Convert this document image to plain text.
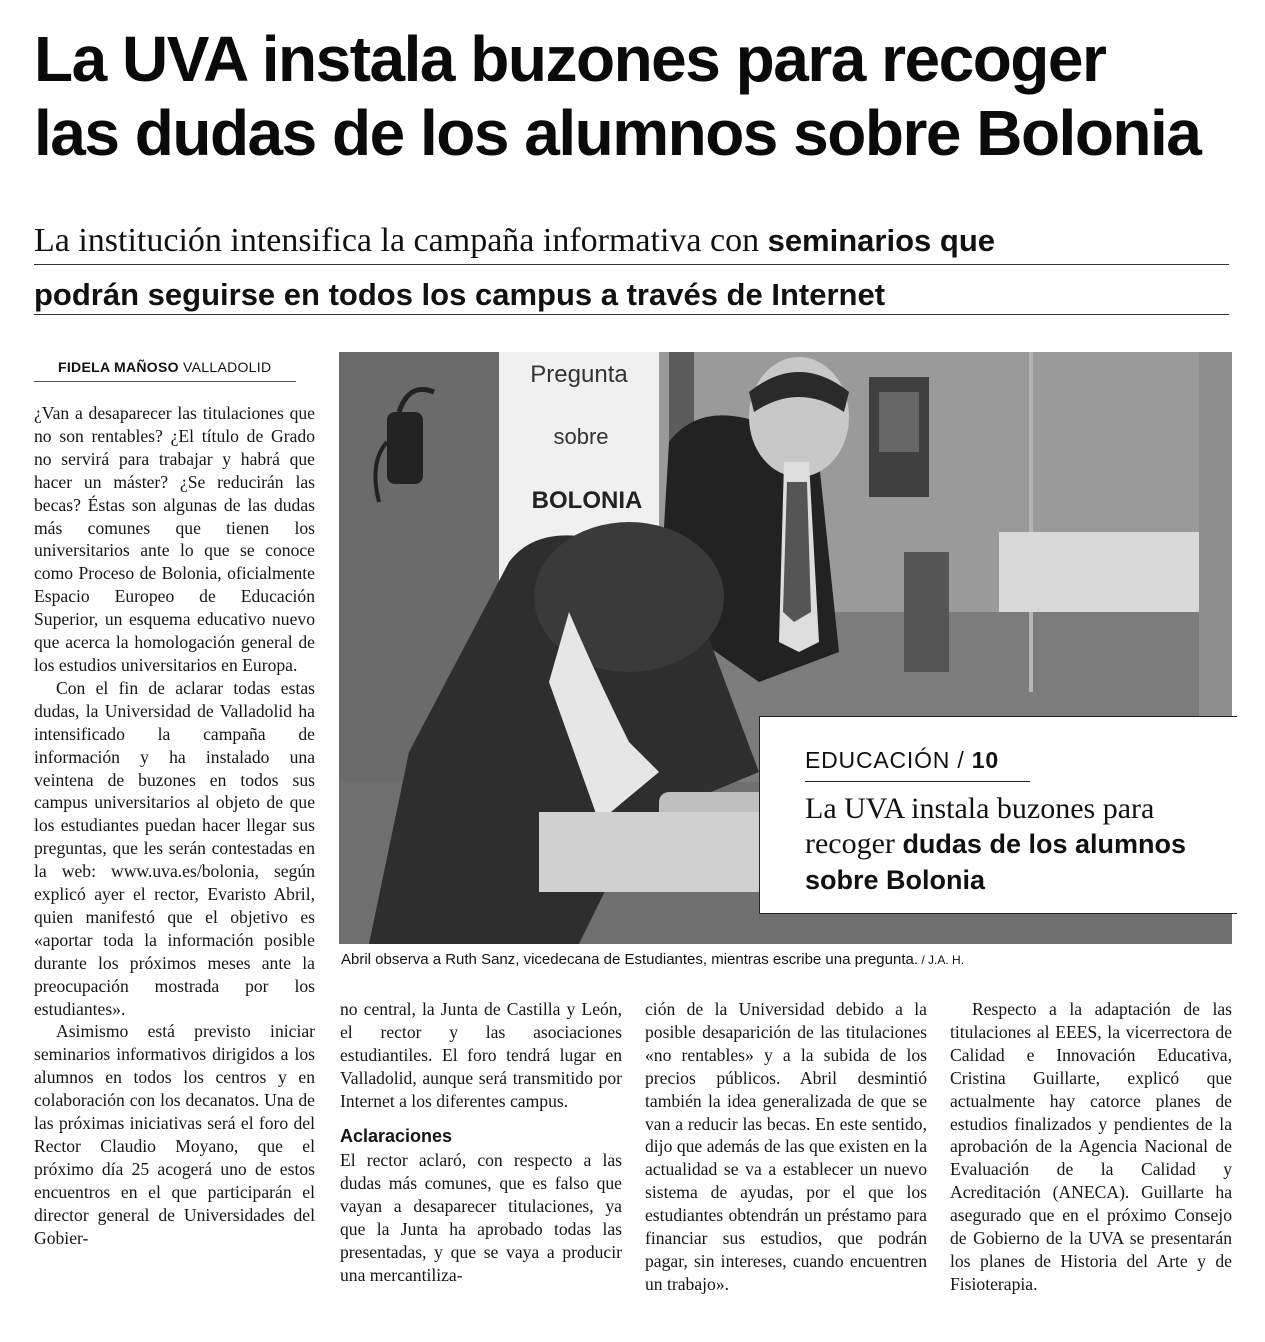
La UVA instala buzones para recoger
las dudas de los alumnos sobre Bolonia
La institución intensifica la campaña informativa con seminarios que
podrán seguirse en todos los campus a través de Internet
FIDELA MAÑOSO VALLADOLID

¿Van a desaparecer las titulaciones que no son rentables? ¿El título de Grado no servirá para trabajar y habrá que hacer un máster? ¿Se reducirán las becas? Éstas son algunas de las dudas más comunes que tienen los universitarios ante lo que se conoce como Proceso de Bolonia, oficialmente Espacio Europeo de Educación Superior, un esquema educativo nuevo que acerca la homologación general de los estudios universitarios en Europa.

Con el fin de aclarar todas estas dudas, la Universidad de Valladolid ha intensificado la campaña de información y ha instalado una veintena de buzones en todos sus campus universitarios al objeto de que los estudiantes puedan hacer llegar sus preguntas, que les serán contestadas en la web: www.uva.es/bolonia, según explicó ayer el rector, Evaristo Abril, quien manifestó que el objetivo es «aportar toda la información posible durante los próximos meses ante la preocupación mostrada por los estudiantes».

Asimismo está previsto iniciar seminarios informativos dirigidos a los alumnos en todos los centros y en colaboración con los decanatos. Una de las próximas iniciativas será el foro del Rector Claudio Moyano, que el próximo día 25 acogerá uno de estos encuentros en el que participarán el director general de Universidades del Gobier-

Pregunta
sobre
BOLONIA
EDUCACIÓN / 10
La UVA instala buzones para recoger dudas de los alumnos sobre Bolonia
Abril observa a Ruth Sanz, vicedecana de Estudiantes, mientras escribe una pregunta. / J.A. H.

no central, la Junta de Castilla y León, el rector y las asociaciones estudiantiles. El foro tendrá lugar en Valladolid, aunque será transmitido por Internet a los diferentes campus.

Aclaraciones

El rector aclaró, con respecto a las dudas más comunes, que es falso que vayan a desaparecer titulaciones, ya que la Junta ha aprobado todas las presentadas, y que se vaya a producir una mercantiliza-

ción de la Universidad debido a la posible desaparición de las titulaciones «no rentables» y a la subida de los precios públicos. Abril desmintió también la idea generalizada de que se van a reducir las becas. En este sentido, dijo que además de las que existen en la actualidad se va a establecer un nuevo sistema de ayudas, por el que los estudiantes obtendrán un préstamo para financiar sus estudios, que podrán pagar, sin intereses, cuando encuentren un trabajo».

Respecto a la adaptación de las titulaciones al EEES, la vicerrectora de Calidad e Innovación Educativa, Cristina Guillarte, explicó que actualmente hay catorce planes de estudios finalizados y pendientes de la aprobación de la Agencia Nacional de Evaluación de la Calidad y Acreditación (ANECA). Guillarte ha asegurado que en el próximo Consejo de Gobierno de la UVA se presentarán los planes de Historia del Arte y de Fisioterapia.
